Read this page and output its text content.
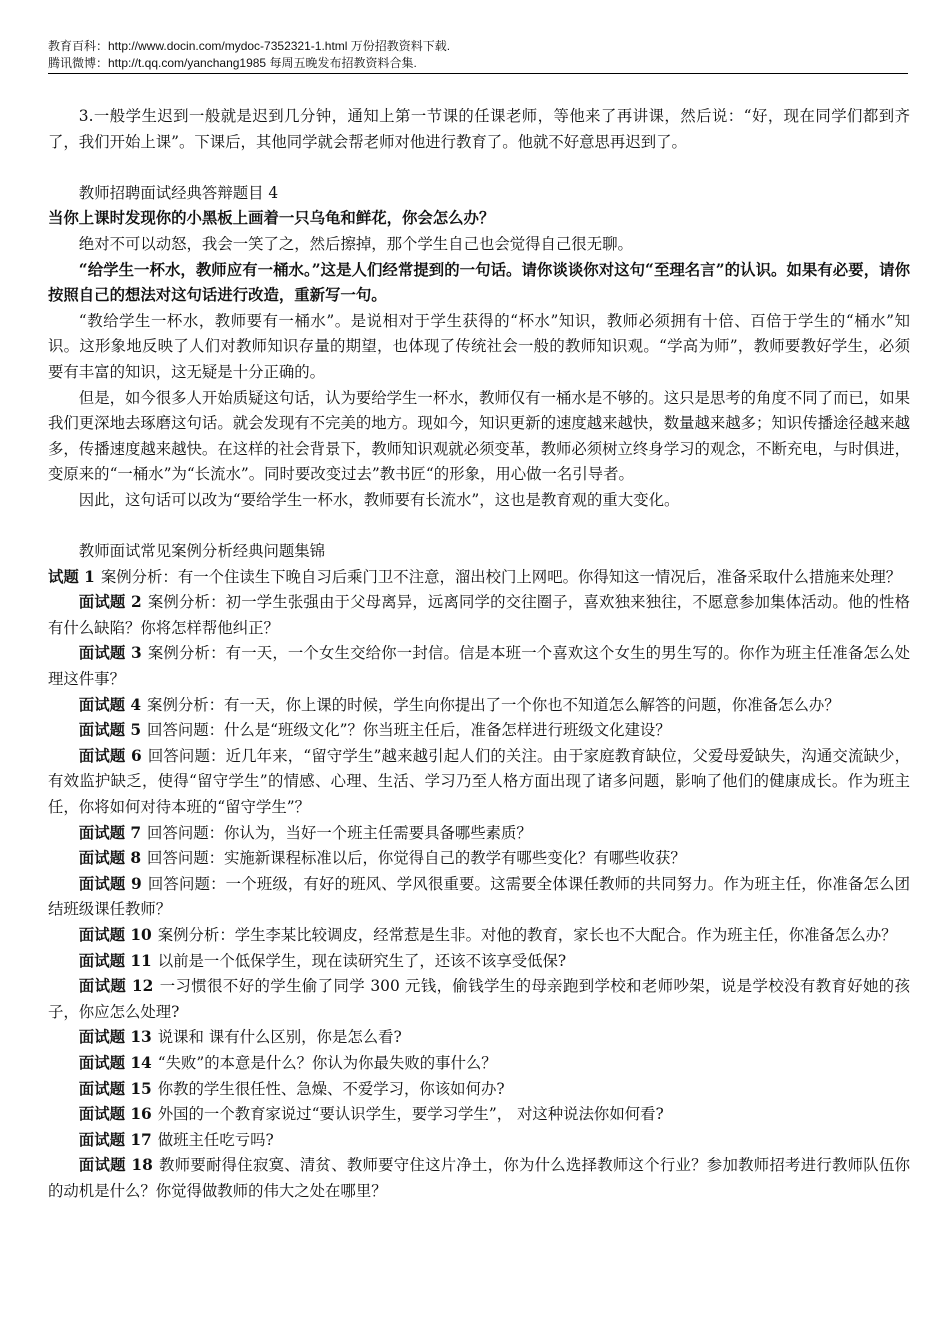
教育百科：http://www.docin.com/mydoc-7352321-1.html 万份招教资料下载.
腾讯微博：http://t.qq.com/yanchang1985 每周五晚发布招教资料合集.

3.一般学生迟到一般就是迟到几分钟，通知上第一节课的任课老师，等他来了再讲课，然后说：“好，现在同学们都到齐了，我们开始上课”。下课后，其他同学就会帮老师对他进行教育了。他就不好意思再迟到了。

教师招聘面试经典答辩题目 4

当你上课时发现你的小黑板上画着一只乌龟和鲜花，你会怎么办？

绝对不可以动怒，我会一笑了之，然后擦掉，那个学生自己也会觉得自己很无聊。

“给学生一杯水，教师应有一桶水。”这是人们经常提到的一句话。请你谈谈你对这句“至理名言”的认识。如果有必要，请你按照自己的想法对这句话进行改造，重新写一句。

“教给学生一杯水，教师要有一桶水”。是说相对于学生获得的“杯水”知识，教师必须拥有十倍、百倍于学生的“桶水”知识。这形象地反映了人们对教师知识存量的期望，也体现了传统社会一般的教师知识观。“学高为师”，教师要教好学生，必须要有丰富的知识，这无疑是十分正确的。

但是，如今很多人开始质疑这句话，认为要给学生一杯水，教师仅有一桶水是不够的。这只是思考的角度不同了而已，如果我们更深地去琢磨这句话。就会发现有不完美的地方。现如今，知识更新的速度越来越快，数量越来越多；知识传播途径越来越多，传播速度越来越快。在这样的社会背景下，教师知识观就必须变革，教师必须树立终身学习的观念，不断充电，与时俱进，变原来的“一桶水”为“长流水”。同时要改变过去”教书匠“的形象，用心做一名引导者。

因此，这句话可以改为“要给学生一杯水，教师要有长流水”，这也是教育观的重大变化。

教师面试常见案例分析经典问题集锦

试题 1 案例分析：有一个住读生下晚自习后乘门卫不注意，溜出校门上网吧。你得知这一情况后，准备采取什么措施来处理？

面试题 2 案例分析：初一学生张强由于父母离异，远离同学的交往圈子，喜欢独来独往，不愿意参加集体活动。他的性格有什么缺陷？你将怎样帮他纠正？

面试题 3 案例分析：有一天，一个女生交给你一封信。信是本班一个喜欢这个女生的男生写的。你作为班主任准备怎么处理这件事？

面试题 4 案例分析：有一天，你上课的时候，学生向你提出了一个你也不知道怎么解答的问题，你准备怎么办？

面试题 5 回答问题：什么是“班级文化”？你当班主任后，准备怎样进行班级文化建设？

面试题 6 回答问题：近几年来，“留守学生”越来越引起人们的关注。由于家庭教育缺位，父爱母爱缺失，沟通交流缺少，有效监护缺乏，使得“留守学生”的情感、心理、生活、学习乃至人格方面出现了诸多问题，影响了他们的健康成长。作为班主任，你将如何对待本班的“留守学生”？

面试题 7 回答问题：你认为，当好一个班主任需要具备哪些素质？

面试题 8 回答问题：实施新课程标准以后，你觉得自己的教学有哪些变化？有哪些收获？

面试题 9 回答问题：一个班级，有好的班风、学风很重要。这需要全体课任教师的共同努力。作为班主任，你准备怎么团结班级课任教师？

面试题 10 案例分析：学生李某比较调皮，经常惹是生非。对他的教育，家长也不大配合。作为班主任，你准备怎么办？

面试题 11 以前是一个低保学生，现在读研究生了，还该不该享受低保?

面试题 12 一习惯很不好的学生偷了同学 300 元钱，偷钱学生的母亲跑到学校和老师吵架，说是学校没有教育好她的孩子，你应怎么处理?

面试题 13 说课和 课有什么区别，你是怎么看?

面试题 14 “失败”的本意是什么？你认为你最失败的事什么？

面试题 15 你教的学生很任性、急燥、不爱学习，你该如何办?

面试题 16 外国的一个教育家说过“要认识学生，要学习学生”， 对这种说法你如何看?

面试题 17 做班主任吃亏吗?

面试题 18 教师要耐得住寂寞、清贫、教师要守住这片净土，你为什么选择教师这个行业？参加教师招考进行教师队伍你的动机是什么？你觉得做教师的伟大之处在哪里？
